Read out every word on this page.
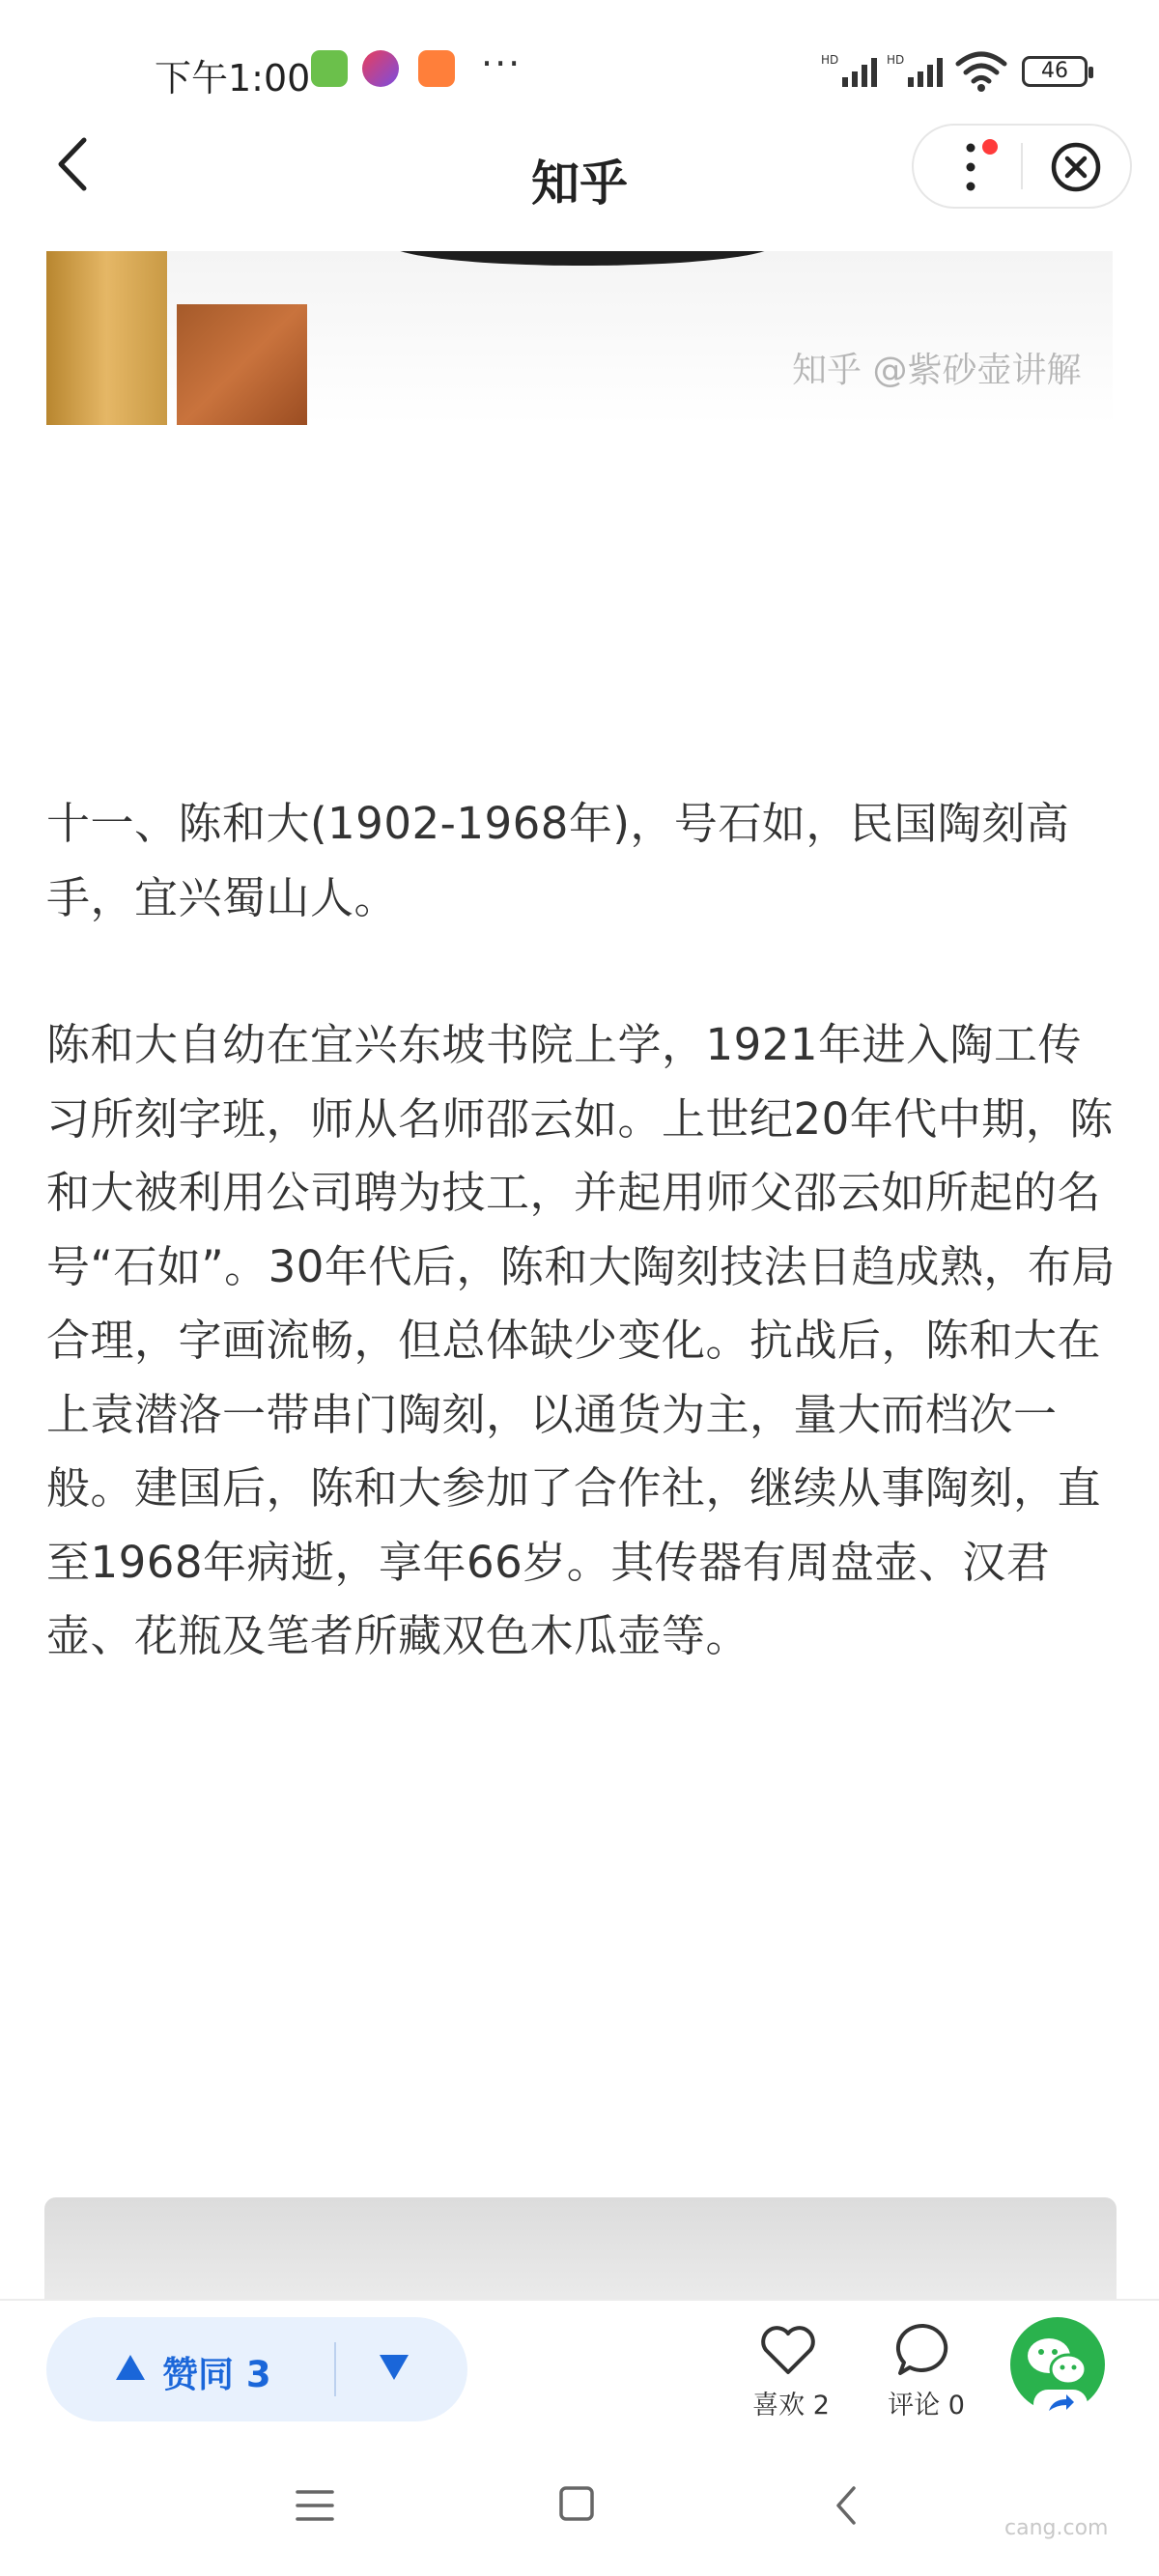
下午1:00	···	HD	HD	46
知乎
知乎 @紫砂壶讲解

十一、陈和大(1902-1968年)，号石如，民国陶刻高手，宜兴蜀山人。

陈和大自幼在宜兴东坡书院上学，1921年进入陶工传习所刻字班，师从名师邵云如。上世纪20年代中期，陈和大被利用公司聘为技工，并起用师父邵云如所起的名号“石如”。30年代后，陈和大陶刻技法日趋成熟，布局合理，字画流畅，但总体缺少变化。抗战后，陈和大在上袁潜洛一带串门陶刻，以通货为主，量大而档次一般。建国后，陈和大参加了合作社，继续从事陶刻，直至1968年病逝，享年66岁。其传器有周盘壶、汉君壶、花瓶及笔者所藏双色木瓜壶等。

赞同 3
喜欢 2	评论 0
cang.com
